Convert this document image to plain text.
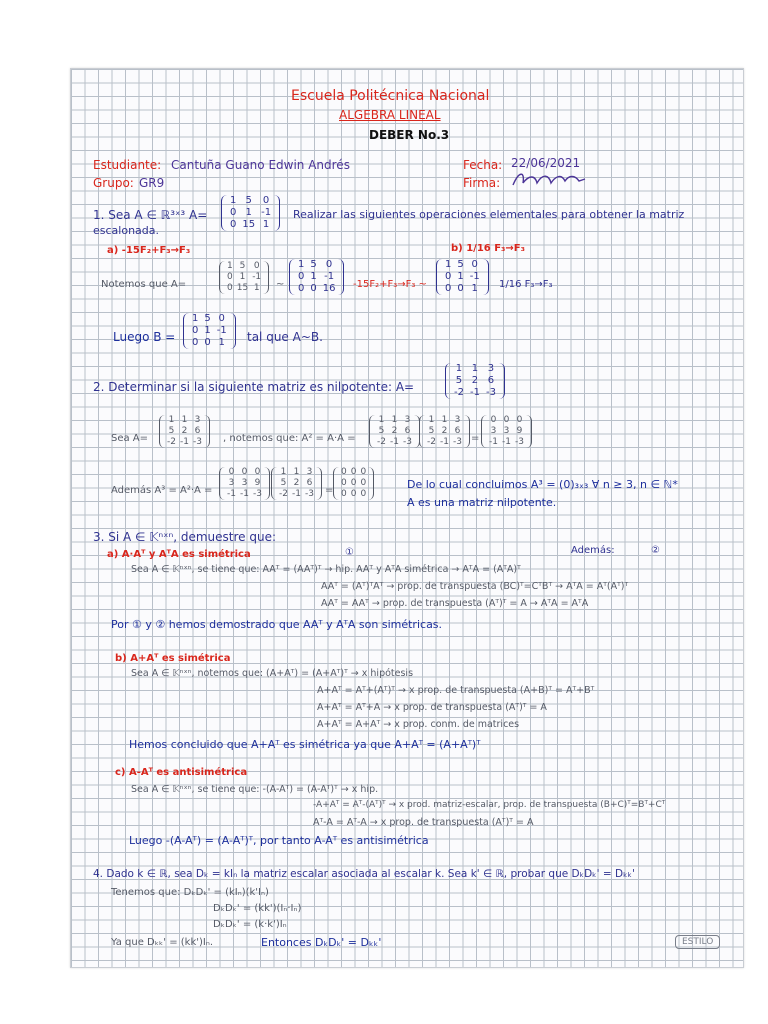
Escuela Politécnica Nacional
ALGEBRA LINEAL
DEBER No.3
Estudiante: Cantuña Guano Edwin Andrés
Grupo: GR9
Fecha: 22/06/2021
Firma:
1. Sea A ∈ ℝ³ˣ³ A=
1	5	0
0	1	-1
0	15	1
Realizar las siguientes operaciones elementales para obtener la matriz
escalonada.
a) -15F₂+F₃→F₃	b) 1/16 F₃→F₃
Notemos que A=
1	5	0
0	1	-1
0	15	1 ~
1	5	0
0	1	-1
0	0	16 -15F₂+F₃→F₃ ~
1	5	0
0	1	-1
0	0	1 1/16 F₃→F₃
Luego B =
1	5	0
0	1	-1
0	0	1 tal que A~B.
2. Determinar si la siguiente matriz es nilpotente: A=
1	1	3
5	2	6
-2	-1	-3
Sea A=
1	1	3
5	2	6
-2	-1	-3 , notemos que: A² = A·A =
1	1	3
5	2	6
-2	-1	-3
1	1	3
5	2	6
-2	-1	-3 =
0	0	0
3	3	9
-1	-1	-3
Además A³ = A²·A =
0	0	0
3	3	9
-1	-1	-3
1	1	3
5	2	6
-2	-1	-3 =
0	0	0
0	0	0
0	0	0
De lo cual concluimos A³ = (0)₃ₓ₃ ∀ n ≥ 3, n ∈ ℕ*
A es una matriz nilpotente.
3. Si A ∈ 𝕂ⁿˣⁿ, demuestre que:
a) A·Aᵀ y AᵀA es simétrica	①	Además:	②
Sea A ∈ 𝕂ⁿˣⁿ, se tiene que: AAᵀ = (AAᵀ)ᵀ → hip. AAᵀ y AᵀA simétrica → AᵀA = (AᵀA)ᵀ
AAᵀ = (Aᵀ)ᵀAᵀ → prop. de transpuesta (BC)ᵀ=CᵀBᵀ → AᵀA = Aᵀ(Aᵀ)ᵀ
AAᵀ = AAᵀ → prop. de transpuesta (Aᵀ)ᵀ = A → AᵀA = AᵀA
Por ① y ② hemos demostrado que AAᵀ y AᵀA son simétricas.
b) A+Aᵀ es simétrica
Sea A ∈ 𝕂ⁿˣⁿ, notemos que: (A+Aᵀ) = (A+Aᵀ)ᵀ → x hipótesis
A+Aᵀ = Aᵀ+(Aᵀ)ᵀ → x prop. de transpuesta (A+B)ᵀ = Aᵀ+Bᵀ
A+Aᵀ = Aᵀ+A → x prop. de transpuesta (Aᵀ)ᵀ = A
A+Aᵀ = A+Aᵀ → x prop. conm. de matrices
Hemos concluido que A+Aᵀ es simétrica ya que A+Aᵀ = (A+Aᵀ)ᵀ
c) A-Aᵀ es antisimétrica
Sea A ∈ 𝕂ⁿˣⁿ, se tiene que: -(A-Aᵀ) = (A-Aᵀ)ᵀ → x hip.
-A+Aᵀ = Aᵀ-(Aᵀ)ᵀ → x prod. matriz-escalar, prop. de transpuesta (B+C)ᵀ=Bᵀ+Cᵀ
Aᵀ-A = Aᵀ-A → x prop. de transpuesta (Aᵀ)ᵀ = A
Luego -(A-Aᵀ) = (A-Aᵀ)ᵀ, por tanto A-Aᵀ es antisimétrica
4. Dado k ∈ ℝ, sea Dₖ = kIₙ la matriz escalar asociada al escalar k. Sea k' ∈ ℝ, probar que DₖDₖ' = Dₖₖ'
Tenemos que: DₖDₖ' = (kIₙ)(k'Iₙ)
DₖDₖ' = (kk')(Iₙ·Iₙ)
DₖDₖ' = (k·k')Iₙ
Ya que Dₖₖ' = (kk')Iₙ.	Entonces DₖDₖ' = Dₖₖ'	ESTILO
